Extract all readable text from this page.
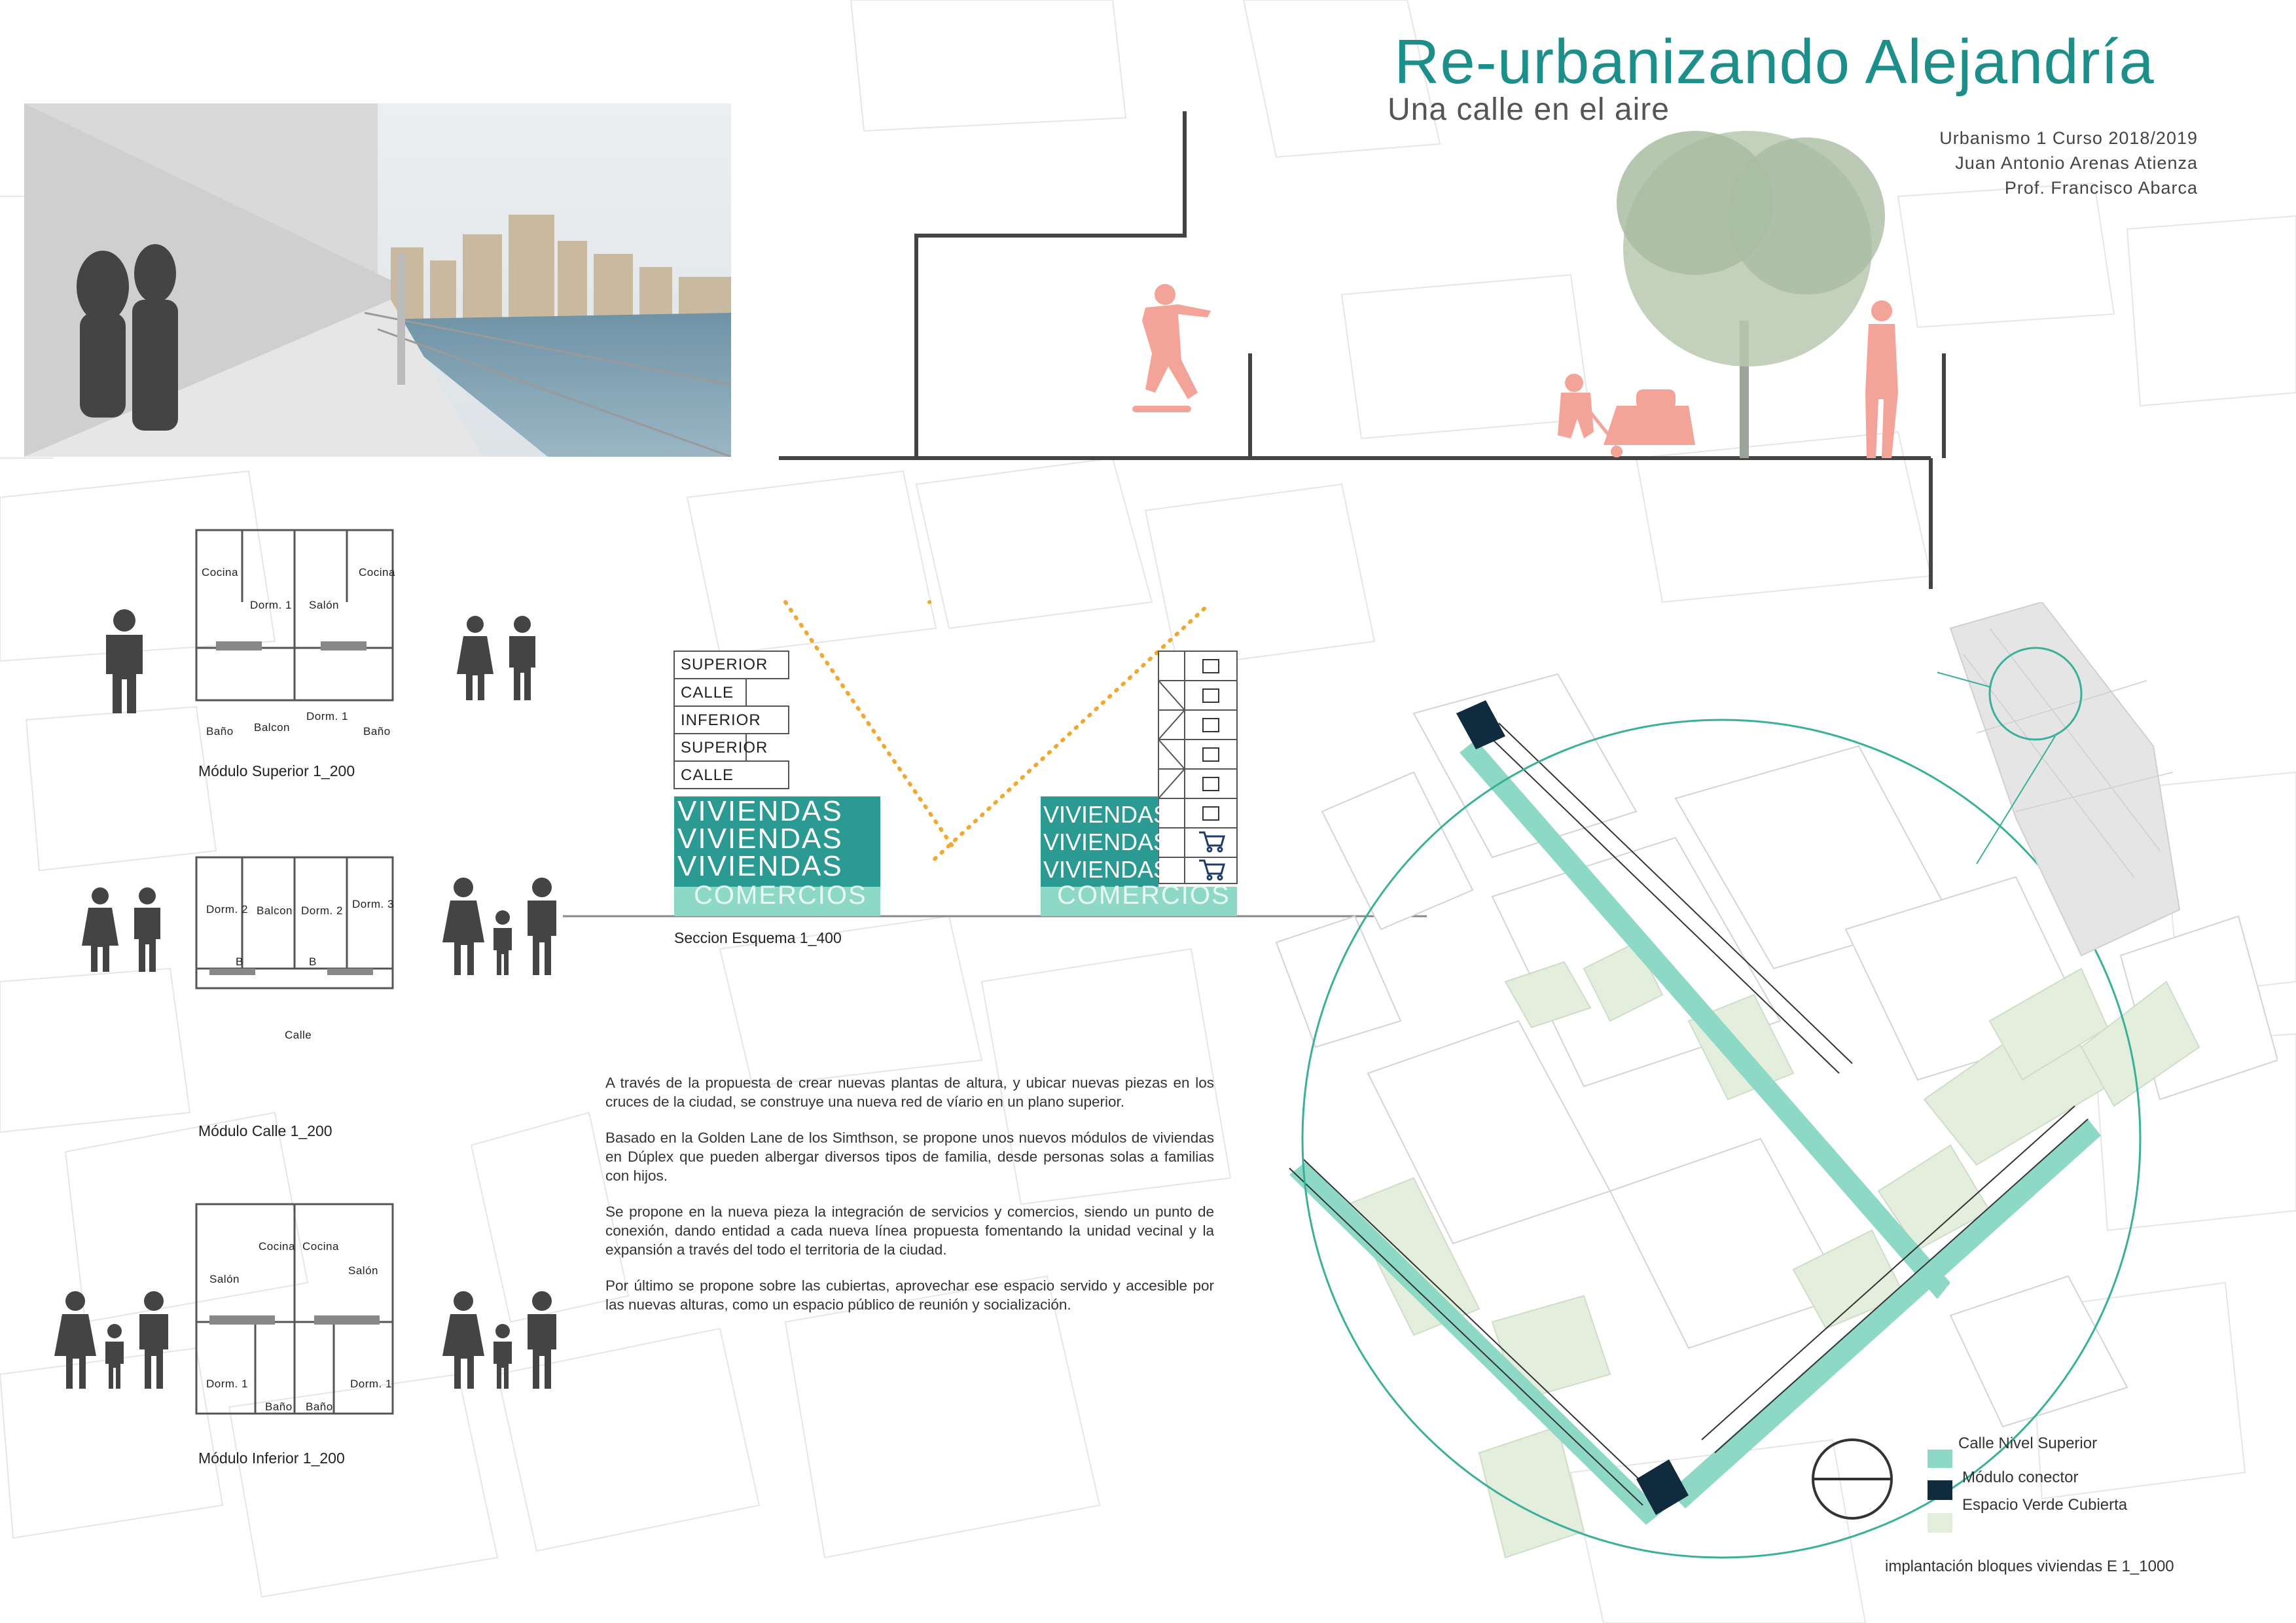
Re-urbanizando Alejandría
Una calle en el aire
Urbanismo 1 Curso 2018/2019
Juan Antonio Arenas Atienza
Prof. Francisco Abarca
Cocina
Dorm. 1 Salón
Cocina
Baño Balcon
Dorm. 1
Baño
Módulo Superior 1_200
Dorm. 2 Balcon Dorm. 2
Dorm. 3
B	B
Calle
Módulo Calle 1_200
Cocina Cocina
Salón
Salón
Dorm. 1
Baño Baño
Dorm. 1
Módulo Inferior 1_200
SUPERIOR
CALLE
INFERIOR
SUPERIOR
CALLE
VIVIENDAS
VIVIENDAS
VIVIENDAS
COMERCIOS
VIVIENDAS
VIVIENDAS
VIVIENDAS
COMERCIOS
Seccion Esquema 1_400

A través de la propuesta de crear nuevas plantas de altura, y ubicar nuevas piezas en los cruces de la ciudad, se construye una nueva red de víario en un plano superior.

Basado en la Golden Lane de los Simthson, se propone unos nuevos módulos de viviendas en Dúplex que pueden albergar diversos tipos de familia, desde personas solas a familias con hijos.

Se propone en la nueva pieza la integración de servicios y comercios, siendo un punto de conexión, dando entidad a cada nueva línea propuesta fomentando la unidad vecinal y la expansión a través del todo el territoria de la ciudad.

Por último se propone sobre las cubiertas, aprovechar ese espacio servido y accesible por las nuevas alturas, como un espacio público de reunión y socialización.

Calle Nivel Superior
Módulo conector
Espacio Verde Cubierta
implantación bloques viviendas E 1_1000
